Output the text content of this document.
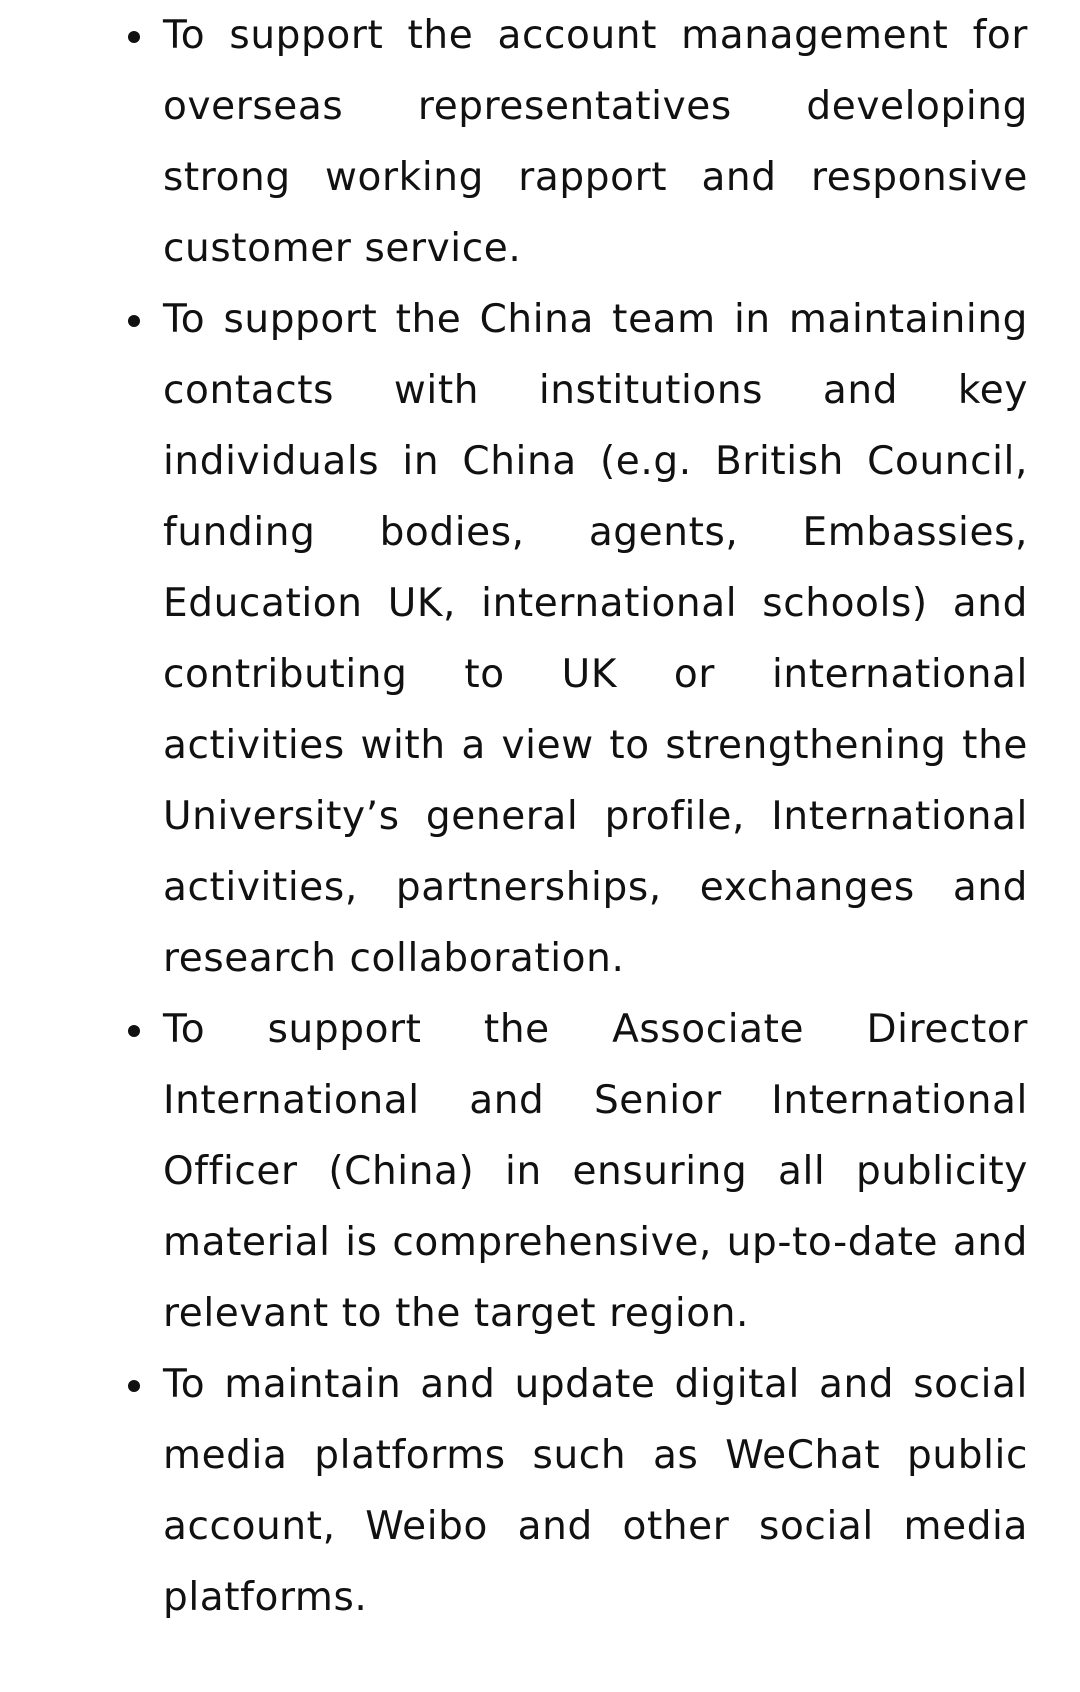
To support the account management for overseas representatives developing strong working rapport and responsive customer service.
To support the China team in maintaining contacts with institutions and key individuals in China (e.g. British Council, funding bodies, agents, Embassies, Education UK, international schools) and contributing to UK or international activities with a view to strengthening the University’s general profile, International activities, partnerships, exchanges and research collaboration.
To support the Associate Director International and Senior International Officer (China) in ensuring all publicity material is comprehensive, up-to-date and relevant to the target region.
To maintain and update digital and social media platforms such as WeChat public account, Weibo and other social media platforms.
